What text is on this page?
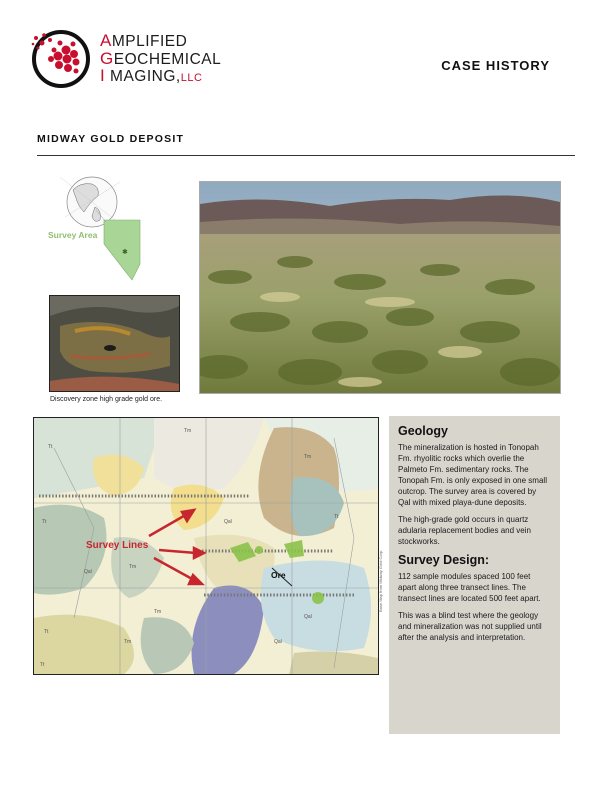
AMPLIFIED
GEOCHEMICAL
I MAGING,LLC
CASE HISTORY
MIDWAY GOLD DEPOSIT
✱
Survey Area
Discovery zone high grade gold ore.
Survey Lines
Ore
Tt
Tm
Tm
Tt
Qal
Tm
Qal
Tt
Tm
Qal
Tt
Tm	Qal
Tt
Base Map from Midway Gold Corp.
Geology

The mineralization is hosted in Tonopah Fm. rhyolitic rocks which overlie the Palmeto Fm. sedimentary rocks. The Tonopah Fm. is only exposed in one small outcrop. The survey area is covered by Qal with mixed playa-dune deposits.

The high-grade gold occurs in quartz adularia replacement bodies and vein stockworks.

Survey Design:

112 sample modules spaced 100 feet apart along three transect lines. The transect lines are located 500 feet apart.

This was a blind test where the geology and mineralization was not supplied until after the analysis and interpretation.
